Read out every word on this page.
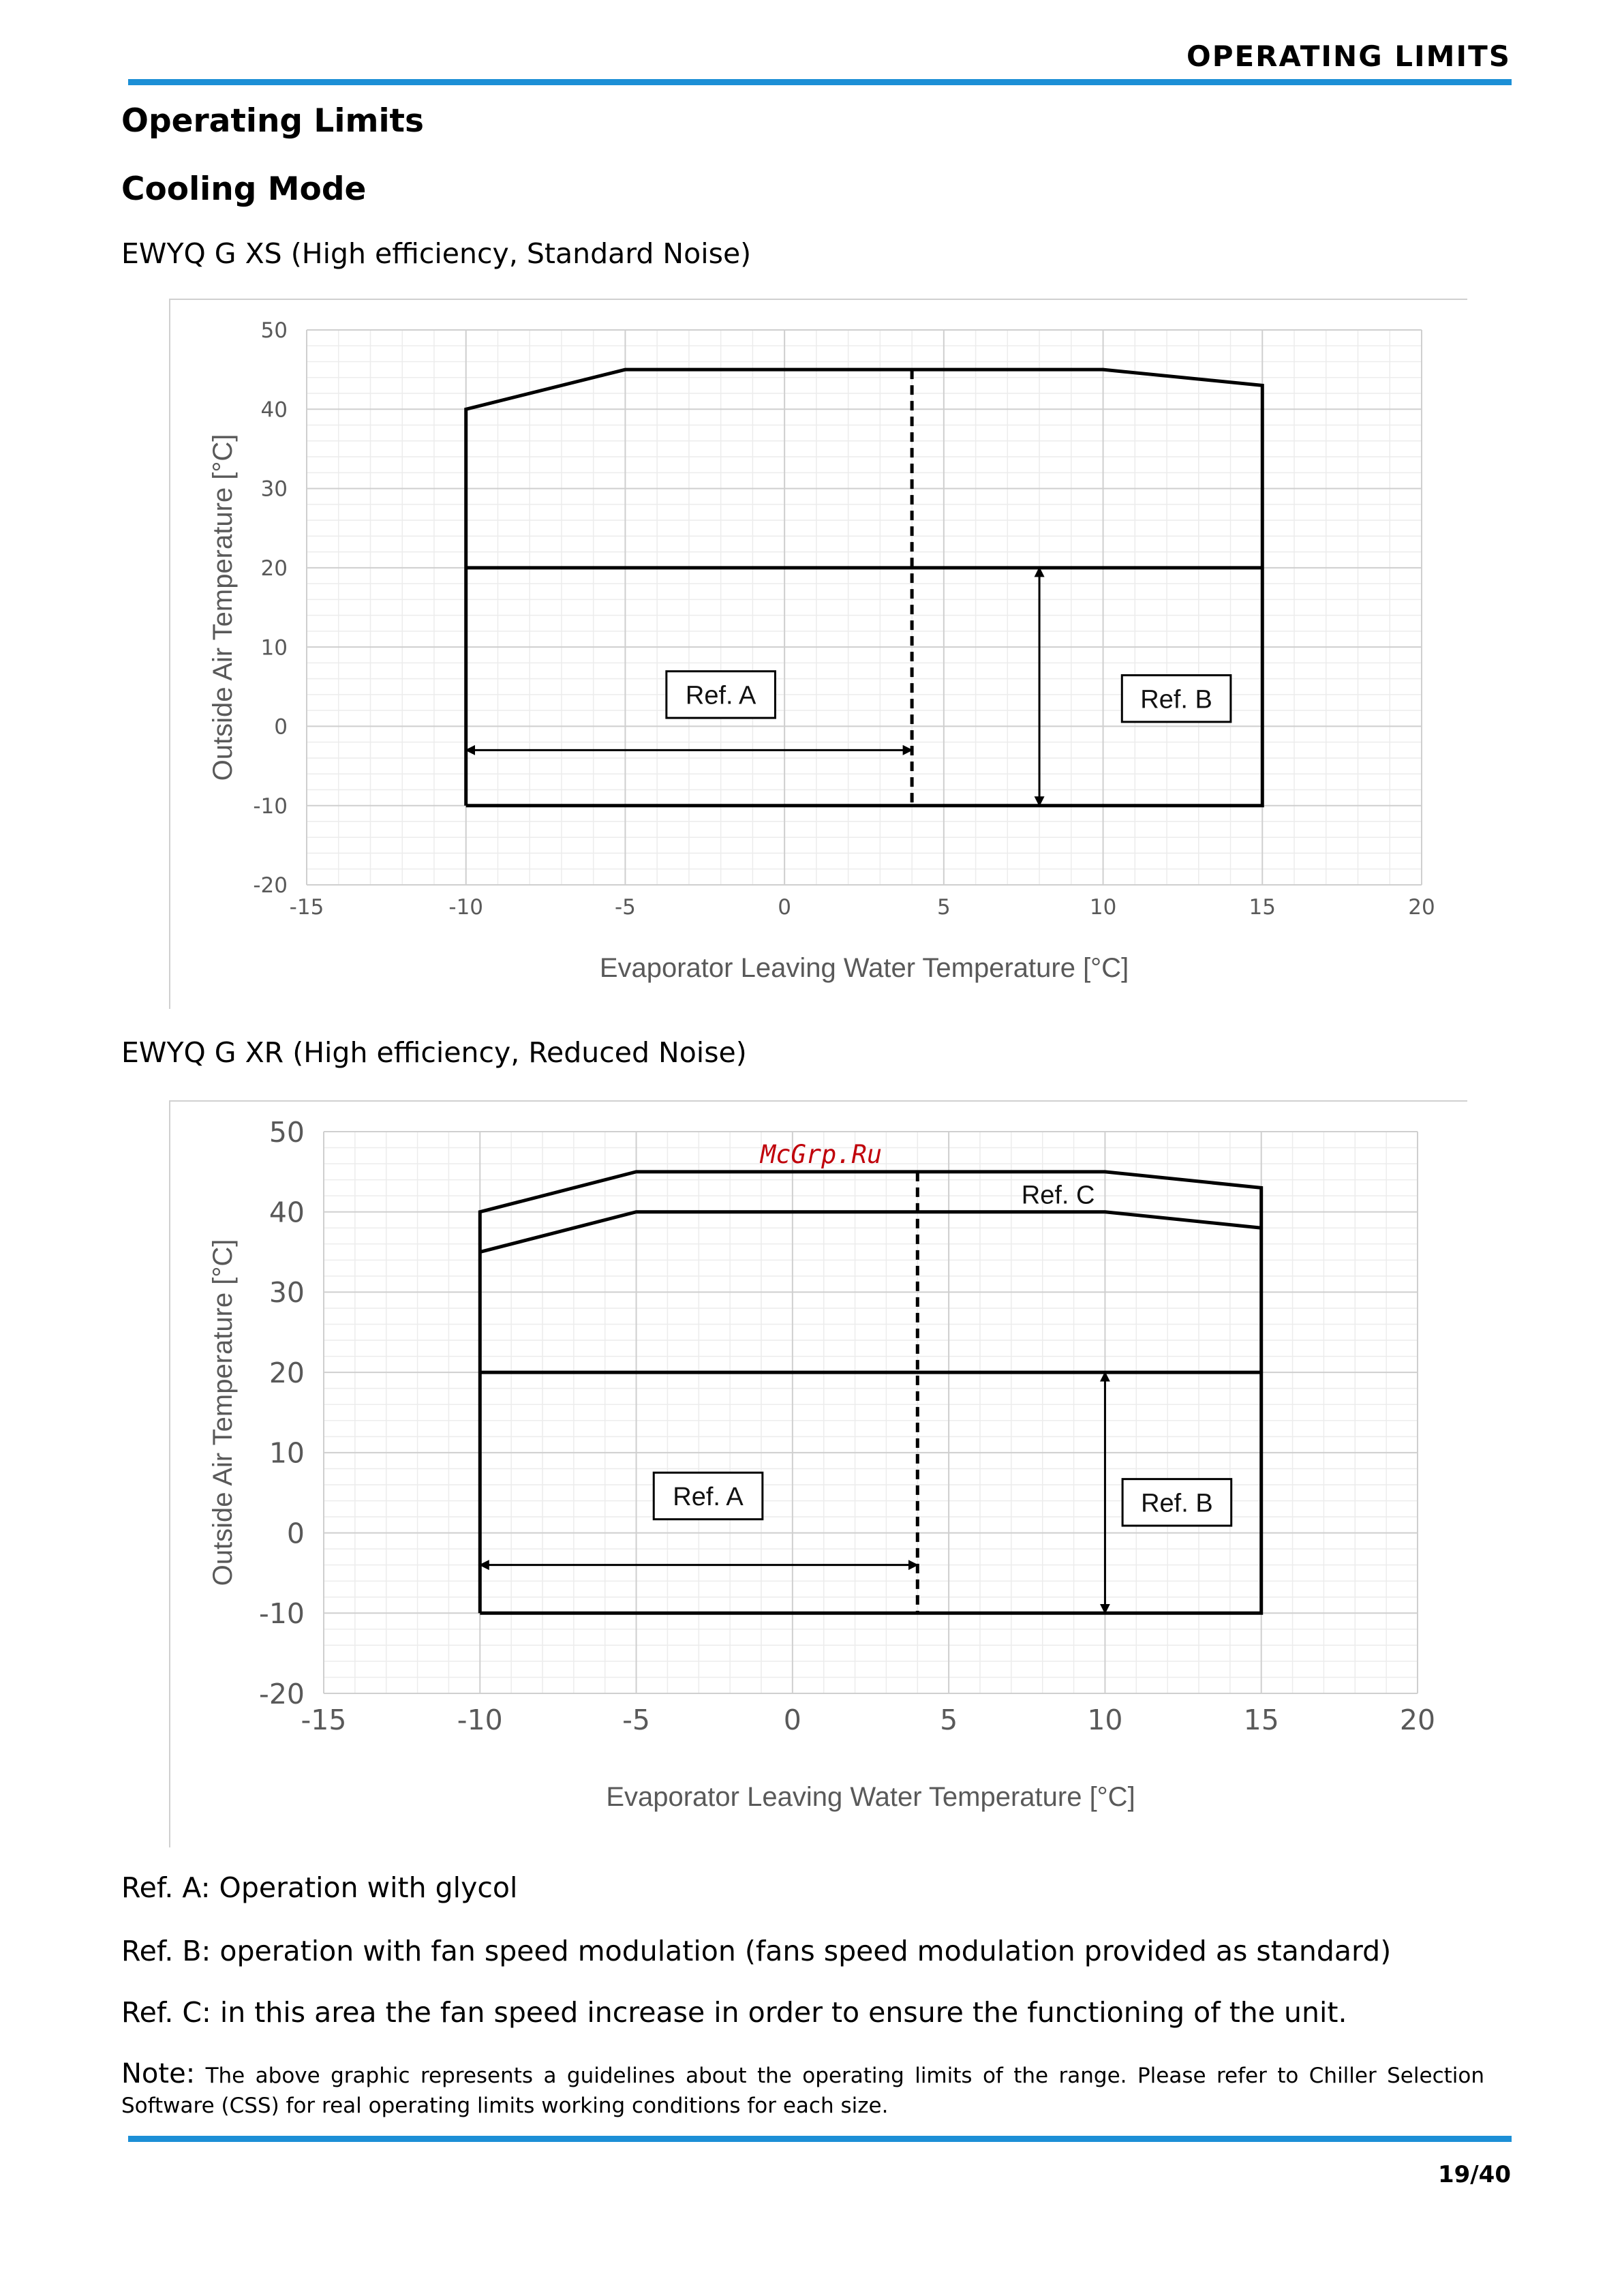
OPERATING LIMITS
Operating Limits
Cooling Mode
EWYQ G XS (High efficiency, Standard Noise)
-15	-10	-5	0	5	10	15	20
-20
-10
0
10
20
30
40
50
Evaporator Leaving Water Temperature [°C]
Outside Air Temperature [°C]	Ref. A	Ref. B
EWYQ G XR (High efficiency, Reduced Noise)
-15	-10	-5	0	5	10	15	20
-20
-10
0
10
20
30
40
50
Evaporator Leaving Water Temperature [°C]
Outside Air Temperature [°C]	Ref. A	Ref. B
Ref. C
McGrp.Ru
Ref. A: Operation with glycol
Ref. B: operation with fan speed modulation (fans speed modulation provided as standard)
Ref. C: in this area the fan speed increase in order to ensure the functioning of the unit.
Note: The above graphic represents a guidelines about the operating limits of the range. Please refer to Chiller Selection Software (CSS) for real operating limits working conditions for each size.
19/40
